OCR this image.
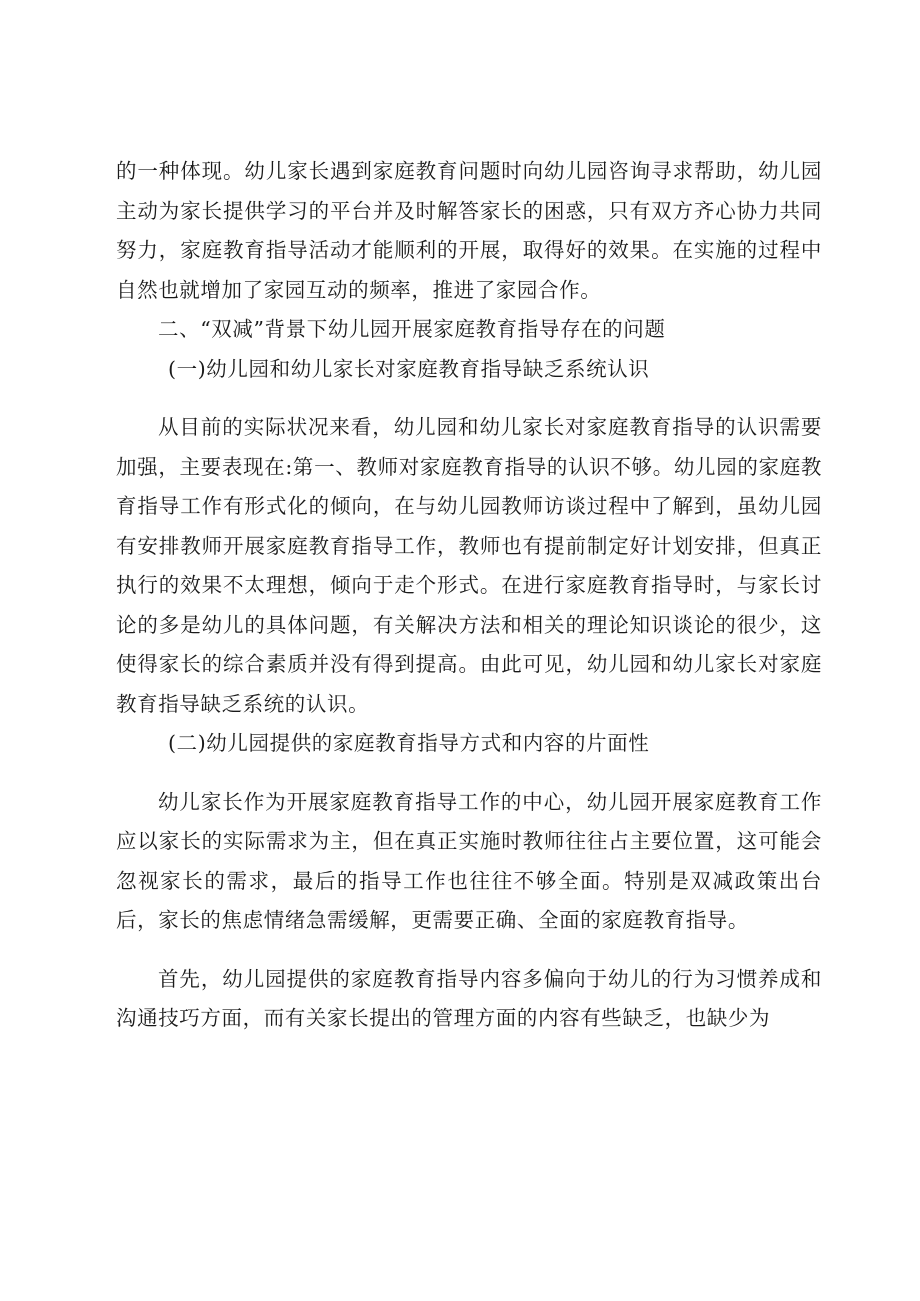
的一种体现。幼儿家长遇到家庭教育问题时向幼儿园咨询寻求帮助，幼儿园主动为家长提供学习的平台并及时解答家长的困惑，只有双方齐心协力共同努力，家庭教育指导活动才能顺利的开展，取得好的效果。在实施的过程中自然也就增加了家园互动的频率，推进了家园合作。

二、“双减”背景下幼儿园开展家庭教育指导存在的问题

(一)幼儿园和幼儿家长对家庭教育指导缺乏系统认识

从目前的实际状况来看，幼儿园和幼儿家长对家庭教育指导的认识需要加强，主要表现在:第一、教师对家庭教育指导的认识不够。幼儿园的家庭教育指导工作有形式化的倾向，在与幼儿园教师访谈过程中了解到，虽幼儿园有安排教师开展家庭教育指导工作，教师也有提前制定好计划安排，但真正执行的效果不太理想，倾向于走个形式。在进行家庭教育指导时，与家长讨论的多是幼儿的具体问题，有关解决方法和相关的理论知识谈论的很少，这使得家长的综合素质并没有得到提高。由此可见，幼儿园和幼儿家长对家庭教育指导缺乏系统的认识。

(二)幼儿园提供的家庭教育指导方式和内容的片面性

幼儿家长作为开展家庭教育指导工作的中心，幼儿园开展家庭教育工作应以家长的实际需求为主，但在真正实施时教师往往占主要位置，这可能会忽视家长的需求，最后的指导工作也往往不够全面。特别是双减政策出台后，家长的焦虑情绪急需缓解，更需要正确、全面的家庭教育指导。

首先，幼儿园提供的家庭教育指导内容多偏向于幼儿的行为习惯养成和沟通技巧方面，而有关家长提出的管理方面的内容有些缺乏，也缺少为
